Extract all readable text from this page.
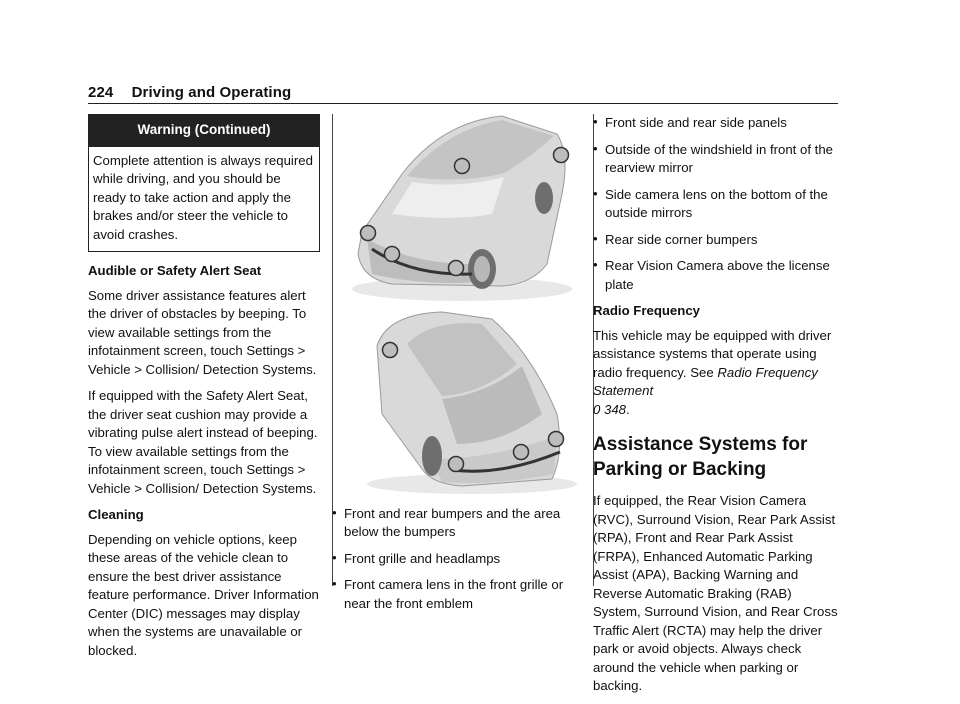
224 Driving and Operating
Warning (Continued)
Complete attention is always required while driving, and you should be ready to take action and apply the brakes and/or steer the vehicle to avoid crashes.
Audible or Safety Alert Seat

Some driver assistance features alert the driver of obstacles by beeping. To view available settings from the infotainment screen, touch Settings > Vehicle > Collision/ Detection Systems.

If equipped with the Safety Alert Seat, the driver seat cushion may provide a vibrating pulse alert instead of beeping. To view available settings from the infotainment screen, touch Settings > Vehicle > Collision/ Detection Systems.

Cleaning

Depending on vehicle options, keep these areas of the vehicle clean to ensure the best driver assistance feature performance. Driver Information Center (DIC) messages may display when the systems are unavailable or blocked.

• Front and rear bumpers and the area below the bumpers
• Front grille and headlamps
• Front camera lens in the front grille or near the front emblem
• Front side and rear side panels
• Outside of the windshield in front of the rearview mirror
• Side camera lens on the bottom of the outside mirrors
• Rear side corner bumpers
• Rear Vision Camera above the license plate
Radio Frequency

This vehicle may be equipped with driver assistance systems that operate using radio frequency. See Radio Frequency Statement
0 348.

Assistance Systems for Parking or Backing

If equipped, the Rear Vision Camera (RVC), Surround Vision, Rear Park Assist (RPA), Front and Rear Park Assist (FRPA), Enhanced Automatic Parking Assist (APA), Backing Warning and Reverse Automatic Braking (RAB) System, Surround Vision, and Rear Cross Traffic Alert (RCTA) may help the driver park or avoid objects. Always check around the vehicle when parking or backing.
